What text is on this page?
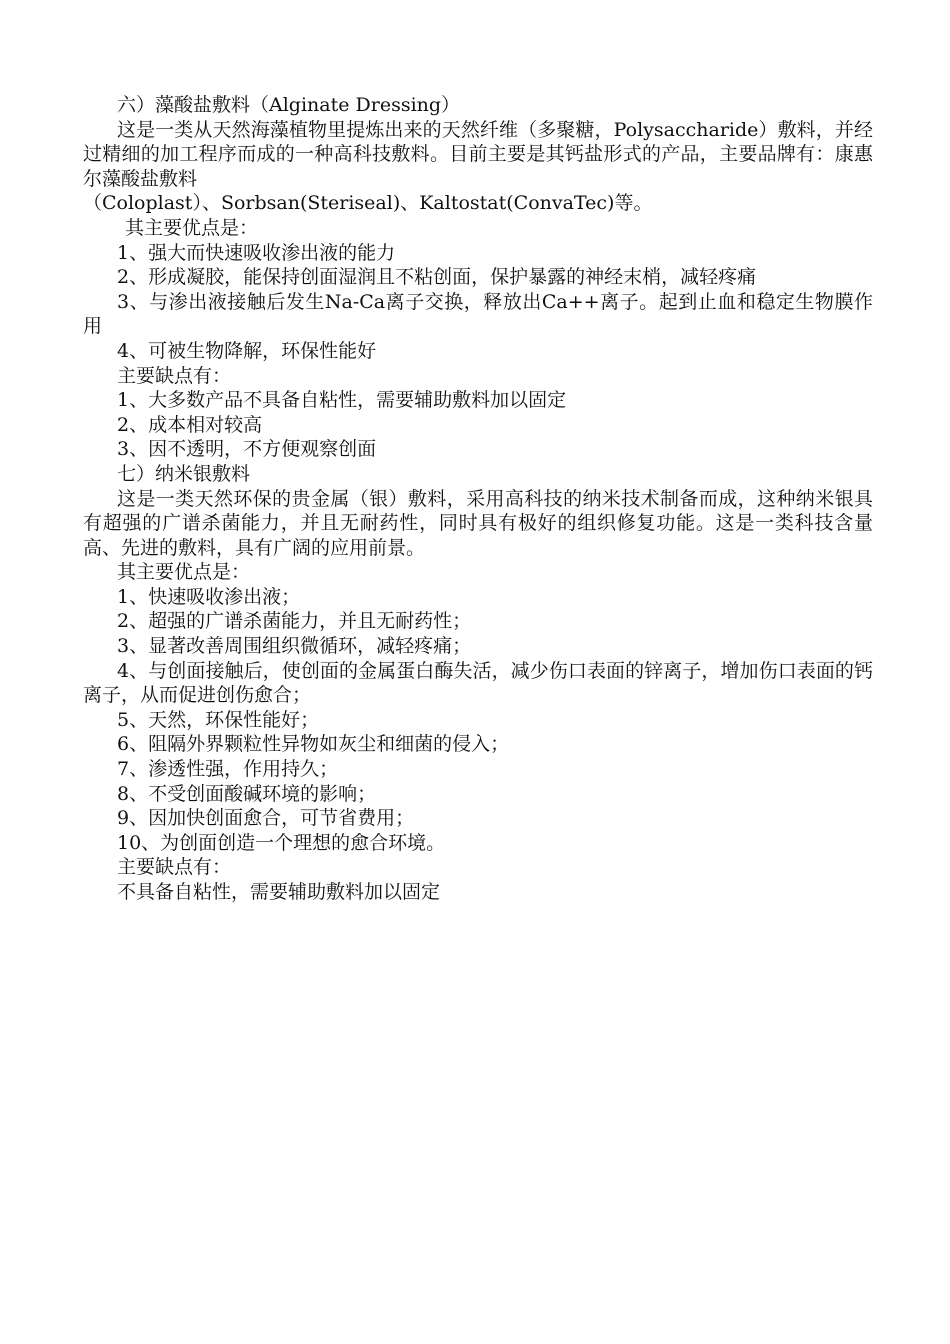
六）藻酸盐敷料（Alginate Dressing）

这是一类从天然海藻植物里提炼出来的天然纤维（多聚糖，Polysaccharide）敷料，并经过精细的加工程序而成的一种高科技敷料。目前主要是其钙盐形式的产品，主要品牌有：康惠尔藻酸盐敷料

（Coloplast）、Sorbsan(Steriseal)、Kaltostat(ConvaTec)等。

其主要优点是：

1、强大而快速吸收渗出液的能力

2、形成凝胶，能保持创面湿润且不粘创面，保护暴露的神经末梢，减轻疼痛

3、与渗出液接触后发生Na-Ca离子交换，释放出Ca++离子。起到止血和稳定生物膜作用

4、可被生物降解，环保性能好

主要缺点有：

1、大多数产品不具备自粘性，需要辅助敷料加以固定

2、成本相对较高

3、因不透明，不方便观察创面

七）纳米银敷料

这是一类天然环保的贵金属（银）敷料，采用高科技的纳米技术制备而成，这种纳米银具有超强的广谱杀菌能力，并且无耐药性，同时具有极好的组织修复功能。这是一类科技含量高、先进的敷料，具有广阔的应用前景。

其主要优点是：

1、快速吸收渗出液；

2、超强的广谱杀菌能力，并且无耐药性；

3、显著改善周围组织微循环，减轻疼痛；

4、与创面接触后，使创面的金属蛋白酶失活，减少伤口表面的锌离子，增加伤口表面的钙离子，从而促进创伤愈合；

5、天然，环保性能好；

6、阻隔外界颗粒性异物如灰尘和细菌的侵入；

7、渗透性强，作用持久；

8、不受创面酸碱环境的影响；

9、因加快创面愈合，可节省费用；

10、为创面创造一个理想的愈合环境。

主要缺点有：

不具备自粘性，需要辅助敷料加以固定
